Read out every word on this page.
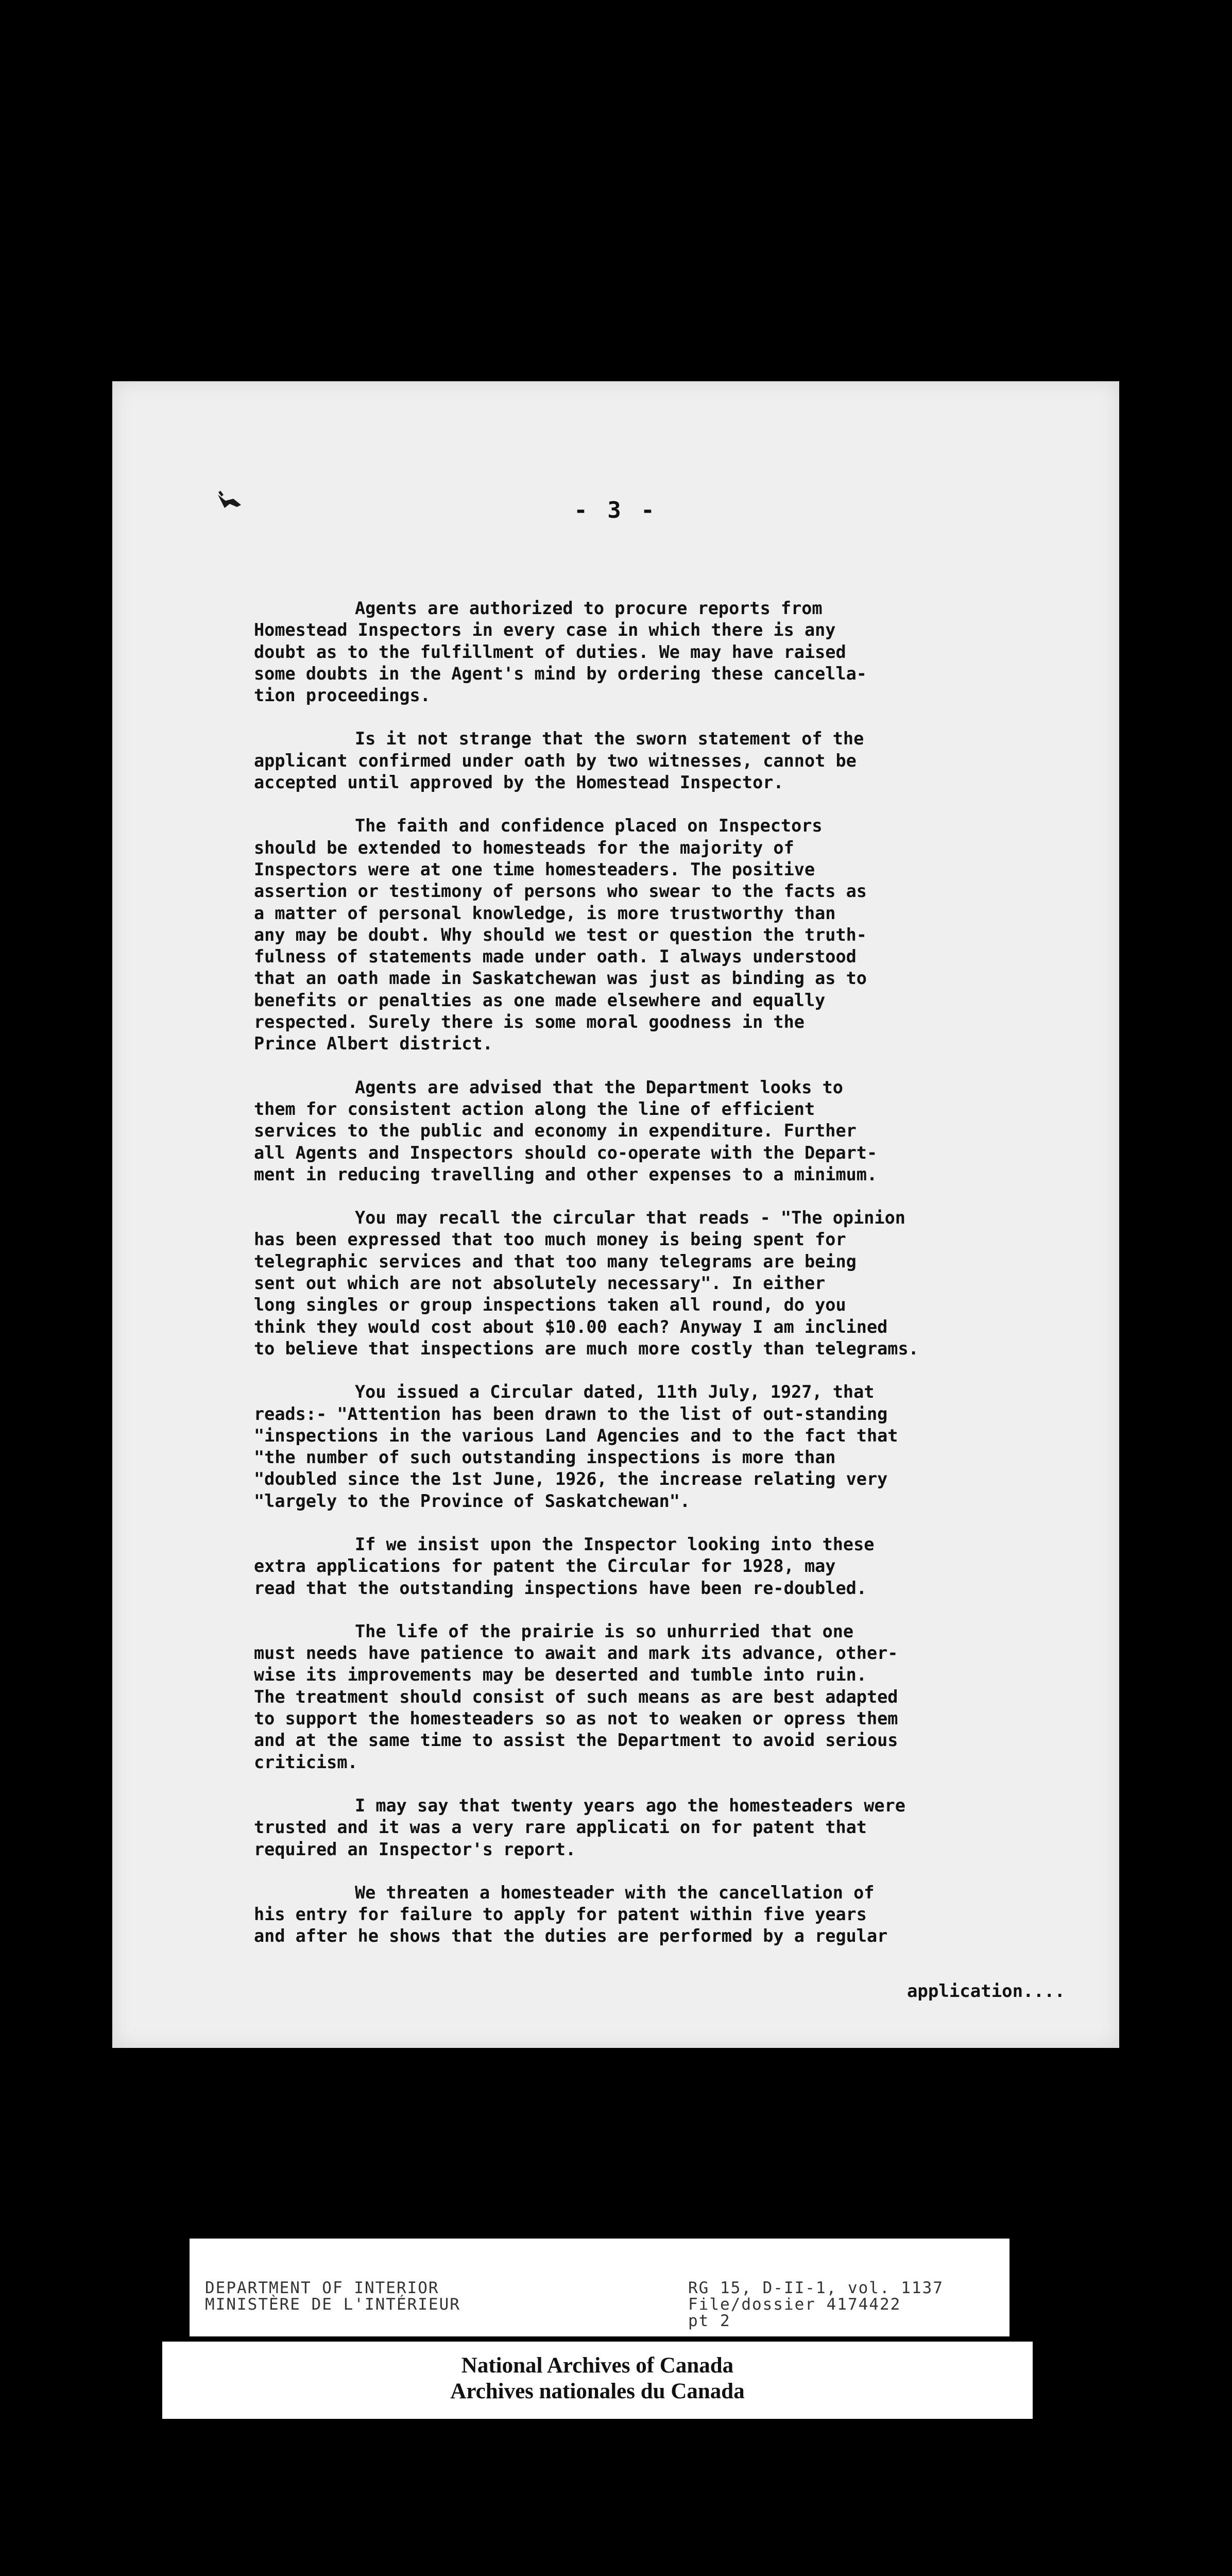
- 3 -
Agents are authorized to procure reports from
Homestead Inspectors in every case in which there is any
doubt as to the fulfillment of duties. We may have raised
some doubts in the Agent's mind by ordering these cancella-
tion proceedings.
Is it not strange that the sworn statement of the
applicant confirmed under oath by two witnesses, cannot be
accepted until approved by the Homestead Inspector.
The faith and confidence placed on Inspectors
should be extended to homesteads for the majority of
Inspectors were at one time homesteaders. The positive
assertion or testimony of persons who swear to the facts as
a matter of personal knowledge, is more trustworthy than
any may be doubt. Why should we test or question the truth-
fulness of statements made under oath. I always understood
that an oath made in Saskatchewan was just as binding as to
benefits or penalties as one made elsewhere and equally
respected. Surely there is some moral goodness in the
Prince Albert district.
Agents are advised that the Department looks to
them for consistent action along the line of efficient
services to the public and economy in expenditure. Further
all Agents and Inspectors should co-operate with the Depart-
ment in reducing travelling and other expenses to a minimum.
You may recall the circular that reads - "The opinion
has been expressed that too much money is being spent for
telegraphic services and that too many telegrams are being
sent out which are not absolutely necessary". In either
long singles or group inspections taken all round, do you
think they would cost about $10.00 each? Anyway I am inclined
to believe that inspections are much more costly than telegrams.
You issued a Circular dated, 11th July, 1927, that
reads:- "Attention has been drawn to the list of out-standing
"inspections in the various Land Agencies and to the fact that
"the number of such outstanding inspections is more than
"doubled since the 1st June, 1926, the increase relating very
"largely to the Province of Saskatchewan".
If we insist upon the Inspector looking into these
extra applications for patent the Circular for 1928, may
read that the outstanding inspections have been re-doubled.
The life of the prairie is so unhurried that one
must needs have patience to await and mark its advance, other-
wise its improvements may be deserted and tumble into ruin.
The treatment should consist of such means as are best adapted
to support the homesteaders so as not to weaken or opress them
and at the same time to assist the Department to avoid serious
criticism.
I may say that twenty years ago the homesteaders were
trusted and it was a very rare applicati on for patent that
required an Inspector's report.
We threaten a homesteader with the cancellation of
his entry for failure to apply for patent within five years
and after he shows that the duties are performed by a regular
application....
DEPARTMENT OF INTERIOR
MINISTÈRE DE L'INTÉRIEUR
RG 15, D-II-1, vol. 1137
File/dossier 4174422
pt 2
National Archives of Canada
Archives nationales du Canada
